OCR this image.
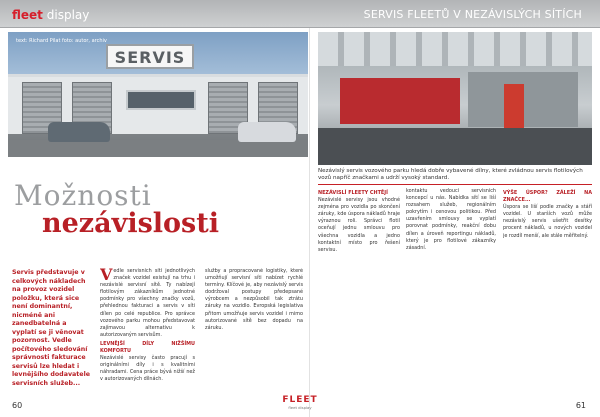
fleet display	SERVIS FLEETŮ V NEZÁVISLÝCH SÍTÍCH
SERVIS
text: Richard Pilat foto: autor, archiv
Nezávislý servis vozového parku hledá dobře vybavené dílny, které zvládnou servis flotilových vozů napříč značkami a udrží vysoký standard.
Možnosti
nezávislosti
Servis představuje v celkových nákladech na provoz vozidel položku, která sice není dominantní, nicméně ani zanedbatelná a vyplatí se ji věnovat pozornost. Vedle počítového sledování správnosti fakturace servisů lze hledat i levnějšího dodavatele servisních služeb...
V edle servisních sítí jednotlivých značek vozidel existují na trhu i nezávislé servisní sítě. Ty nabízejí flotilovým zákazníkům jednotné podmínky pro všechny značky vozů, přehlednou fakturaci a servis v síti dílen po celé republice. Pro správce vozového parku mohou představovat zajímavou alternativu k autorizovaným servisům.
LEVNĚJŠÍ DÍLY NIŽŠÍMU KOMFORTU
Nezávislé servisy často pracují s originálními díly i s kvalitními náhradami. Cena práce bývá nižší než v autorizovaných dílnách.
služby a propracované logistiky, které umožňují servisní síti nabízet rychlé termíny. Klíčové je, aby nezávislý servis dodržoval postupy předepsané výrobcem a nezpůsobil tak ztrátu záruky na vozidlo. Evropská legislativa přitom umožňuje servis vozidel i mimo autorizované sítě bez dopadu na záruku.
NEZÁVISLÍ FLEETY CHTĚJÍ
Nezávislé servisy jsou vhodné zejména pro vozidla po skončení záruky, kde úspora nákladů hraje výraznou roli. Správci flotil oceňují jednu smlouvu pro všechna vozidla a jedno kontaktní místo pro řešení servisu.
kontaktu vedoucí servisních koncepcí u nás. Nabídka sítí se liší rozsahem služeb, regionálním pokrytím i cenovou politikou. Před uzavřením smlouvy se vyplatí porovnat podmínky, reakční dobu dílen a úroveň reportingu nákladů, který je pro flotilové zákazníky zásadní.
VÝŠE ÚSPOR? ZÁLEŽÍ NA ZNAČCE...
Úspora se liší podle značky a stáří vozidel. U starších vozů může nezávislý servis ušetřit desítky procent nákladů, u nových vozidel je rozdíl menší, ale stále měřitelný.
60
FLEET
fleet display	61
